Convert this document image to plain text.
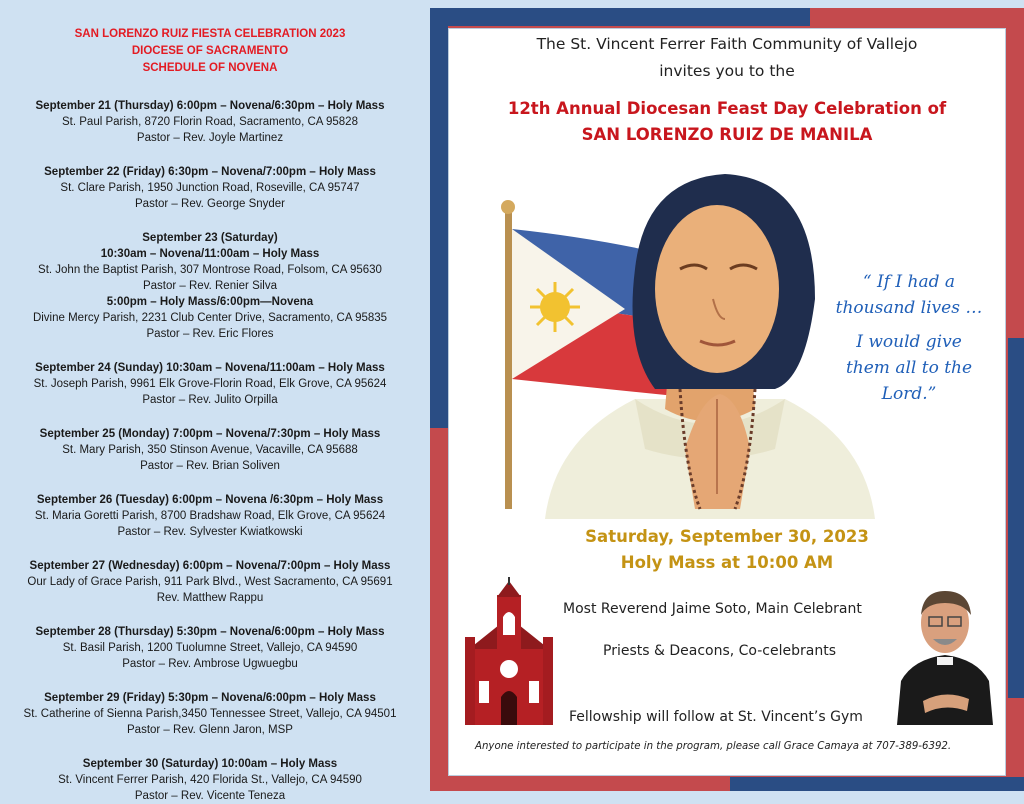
SAN LORENZO RUIZ FIESTA CELEBRATION 2023
DIOCESE OF SACRAMENTO
SCHEDULE OF NOVENA
September 21 (Thursday) 6:00pm – Novena/6:30pm – Holy Mass
St. Paul Parish, 8720 Florin Road, Sacramento, CA 95828
Pastor – Rev. Joyle Martinez
September 22 (Friday) 6:30pm – Novena/7:00pm – Holy Mass
St. Clare Parish, 1950 Junction Road, Roseville, CA 95747
Pastor – Rev. George Snyder
September 23 (Saturday)
10:30am – Novena/11:00am – Holy Mass
St. John the Baptist Parish, 307 Montrose Road, Folsom, CA 95630
Pastor – Rev. Renier Silva
5:00pm – Holy Mass/6:00pm—Novena
Divine Mercy Parish, 2231 Club Center Drive, Sacramento, CA 95835
Pastor – Rev. Eric Flores
September 24 (Sunday) 10:30am – Novena/11:00am – Holy Mass
St. Joseph Parish, 9961 Elk Grove-Florin Road, Elk Grove, CA 95624
Pastor – Rev. Julito Orpilla
September 25 (Monday) 7:00pm – Novena/7:30pm – Holy Mass
St. Mary Parish, 350 Stinson Avenue, Vacaville, CA 95688
Pastor – Rev. Brian Soliven
September 26 (Tuesday) 6:00pm – Novena /6:30pm – Holy Mass
St. Maria Goretti Parish, 8700 Bradshaw Road, Elk Grove, CA 95624
Pastor – Rev. Sylvester Kwiatkowski
September 27 (Wednesday) 6:00pm – Novena/7:00pm – Holy Mass
Our Lady of Grace Parish, 911 Park Blvd., West Sacramento, CA 95691
Rev. Matthew Rappu
September 28 (Thursday) 5:30pm – Novena/6:00pm – Holy Mass
St. Basil Parish, 1200 Tuolumne Street, Vallejo, CA 94590
Pastor – Rev. Ambrose Ugwuegbu
September 29 (Friday) 5:30pm – Novena/6:00pm – Holy Mass
St. Catherine of Sienna Parish,3450 Tennessee Street, Vallejo, CA 94501
Pastor – Rev. Glenn Jaron, MSP
September 30 (Saturday) 10:00am – Holy Mass
St. Vincent Ferrer Parish, 420 Florida St., Vallejo, CA 94590
Pastor – Rev. Vicente Teneza
The St. Vincent Ferrer Faith Community of Vallejo
invites you to the
12th Annual Diocesan Feast Day Celebration of
SAN LORENZO RUIZ DE MANILA
“ If I had a
thousand lives …
I would give
them all to the
Lord.”
Saturday, September 30, 2023
Holy Mass at 10:00 AM
Most Reverend Jaime Soto, Main Celebrant
Priests & Deacons, Co-celebrants
Fellowship will follow at St. Vincent’s Gym
Anyone interested to participate in the program, please call Grace Camaya at 707-389-6392.
